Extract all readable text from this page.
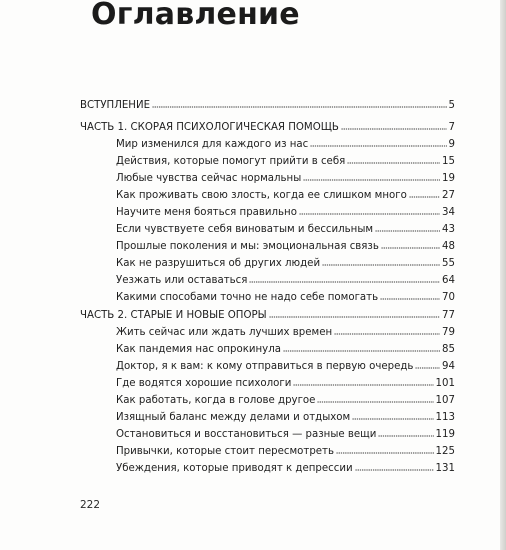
Оглавление
ВСТУПЛЕНИЕ	5
ЧАСТЬ 1. СКОРАЯ ПСИХОЛОГИЧЕСКАЯ ПОМОЩЬ	7
Мир изменился для каждого из нас	9
Действия, которые помогут прийти в себя	15
Любые чувства сейчас нормальны	19
Как проживать свою злость, когда ее слишком много	27
Научите меня бояться правильно	34
Если чувствуете себя виноватым и бессильным	43
Прошлые поколения и мы: эмоциональная связь	48
Как не разрушиться об других людей	55
Уезжать или оставаться	64
Какими способами точно не надо себе помогать	70
ЧАСТЬ 2. СТАРЫЕ И НОВЫЕ ОПОРЫ	77
Жить сейчас или ждать лучших времен	79
Как пандемия нас опрокинула	85
Доктор, я к вам: к кому отправиться в первую очередь	94
Где водятся хорошие психологи	101
Как работать, когда в голове другое	107
Изящный баланс между делами и отдыхом	113
Остановиться и восстановиться — разные вещи	119
Привычки, которые стоит пересмотреть	125
Убеждения, которые приводят к депрессии	131
222
